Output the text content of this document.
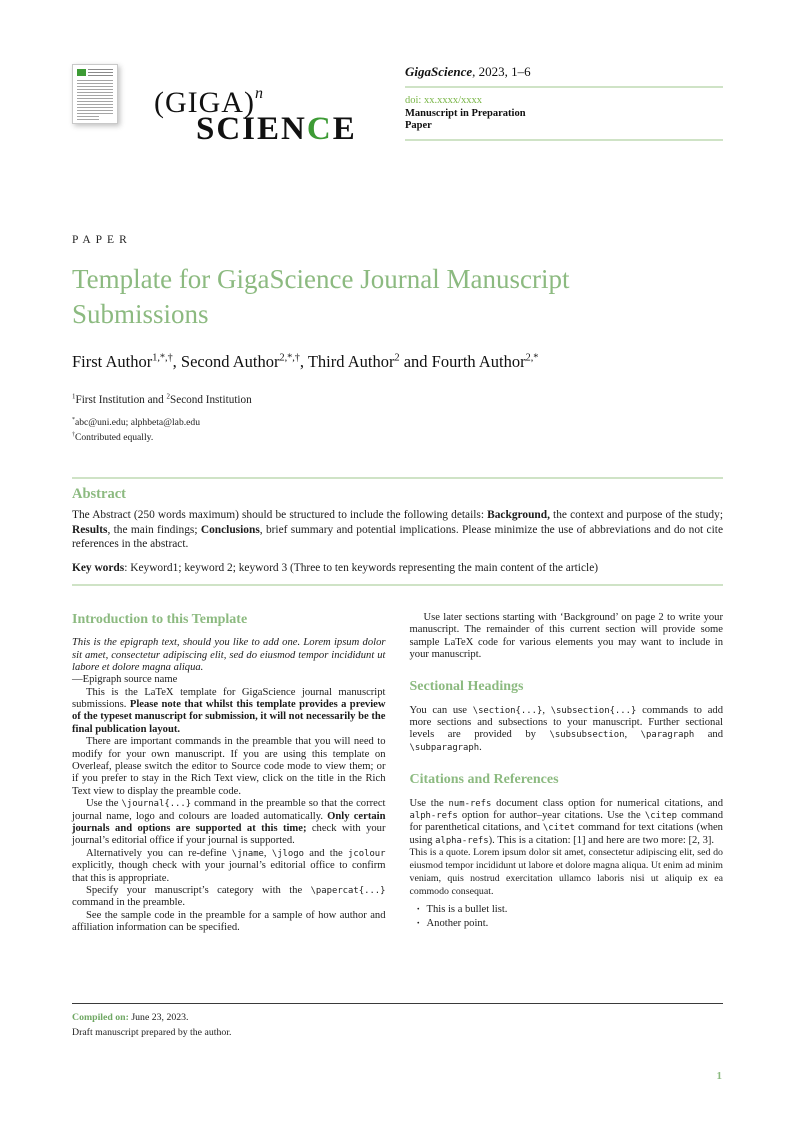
(GIGA)$^n$
SCIENCE
GigaScience, 2023, 1–6
doi: xx.xxxx/xxxx
Manuscript in Preparation
Paper
PAPER
Template for GigaScience Journal Manuscript
Submissions
First Author$^{1,*,\dagger}$, Second Author$^{2,*,\dagger}$, Third Author$^2$ and Fourth Author$^{2,*}$
$^1$First Institution and $^2$Second Institution
*abc@uni.edu; alphbeta@lab.edu
†Contributed equally.
Abstract

The Abstract (250 words maximum) should be structured to include the following details: Background, the context and purpose of the study; Results, the main findings; Conclusions, brief summary and potential implications. Please minimize the use of abbreviations and do not cite references in the abstract.

Key words: Keyword1; keyword 2; keyword 3 (Three to ten keywords representing the main content of the article)

Introduction to this Template

This is the epigraph text, should you like to add one. Lorem ipsum dolor sit amet, consectetur adipiscing elit, sed do eiusmod tempor incididunt ut labore et dolore magna aliqua.

—Epigraph source name

This is the LaTeX template for GigaScience journal manuscript submissions. Please note that whilst this template provides a preview of the typeset manuscript for submission, it will not necessarily be the final publication layout.

There are important commands in the preamble that you will need to modify for your own manuscript. If you are using this template on Overleaf, please switch the editor to Source code mode to view them; or if you prefer to stay in the Rich Text view, click on the title in the Rich Text view to display the preamble code.

Use the \journal{...} command in the preamble so that the correct journal name, logo and colours are loaded automatically. Only certain journals and options are supported at this time; check with your journal’s editorial office if your journal is supported.

Alternatively you can re-define \jname, \jlogo and the jcolour explicitly, though check with your journal’s editorial office to confirm that this is appropriate.

Specify your manuscript’s category with the \papercat{...} command in the preamble.

See the sample code in the preamble for a sample of how author and affiliation information can be specified.

Use later sections starting with ‘Background’ on page 2 to write your manuscript. The remainder of this current section will provide some sample LaTeX code for various elements you may want to include in your manuscript.

Sectional Headings

You can use \section{...}, \subsection{...} commands to add more sections and subsections to your manuscript. Further sectional levels are provided by \subsubsection, \paragraph and \subparagraph.

Citations and References

Use the num-refs document class option for numerical citations, and alph-refs option for author–year citations. Use the \citep command for parenthetical citations, and \citet command for text citations (when using alpha-refs). This is a citation: [1] and here are two more: [2, 3].

This is a quote. Lorem ipsum dolor sit amet, consectetur adipiscing elit, sed do eiusmod tempor incididunt ut labore et dolore magna aliqua. Ut enim ad minim veniam, quis nostrud exercitation ullamco laboris nisi ut aliquip ex ea commodo consequat.

· This is a bullet list.
· Another point.
Compiled on: June 23, 2023.
Draft manuscript prepared by the author.
1
